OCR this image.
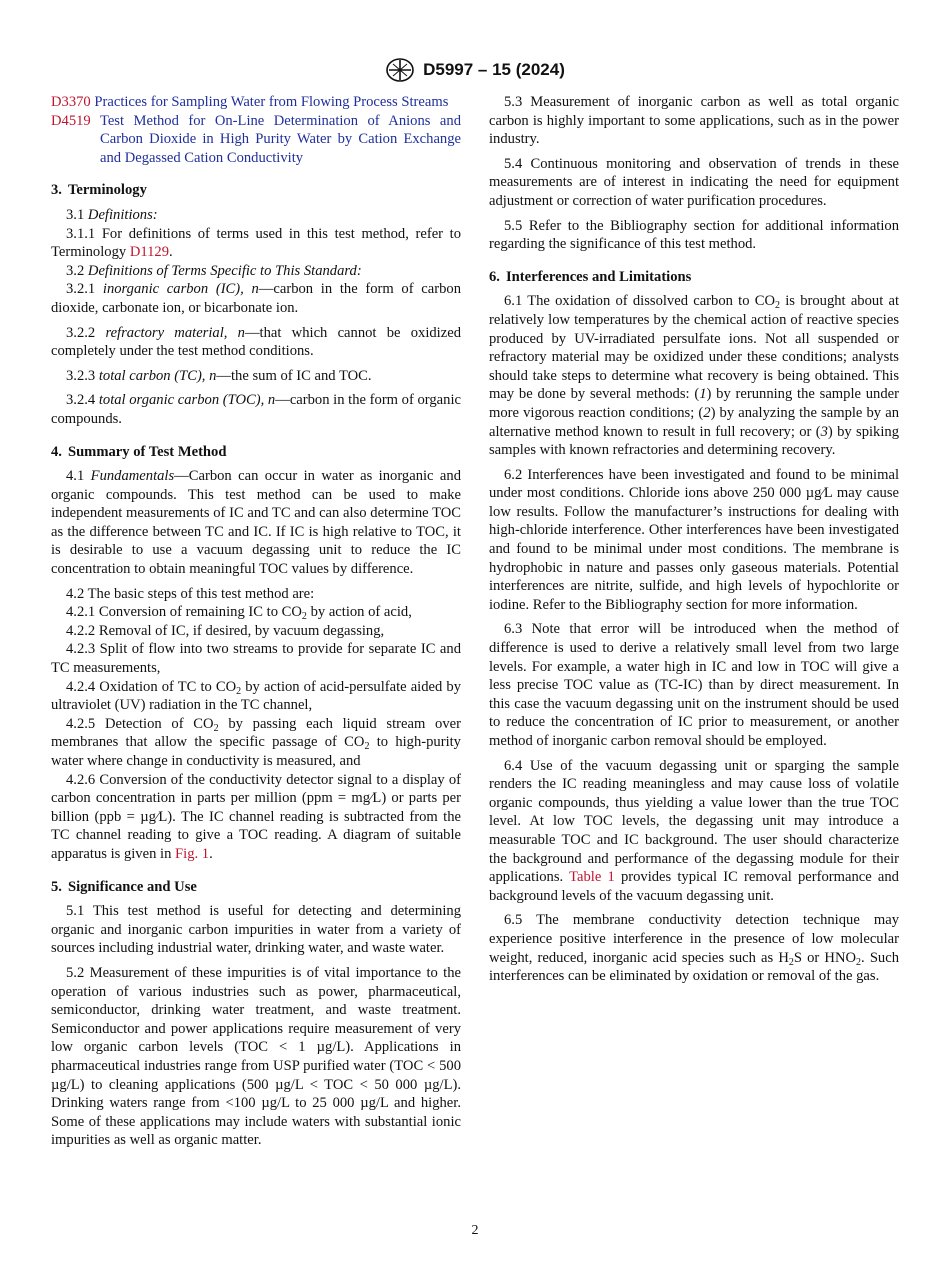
D5997 – 15 (2024)

D3370 Practices for Sampling Water from Flowing Process Streams

D4519 Test Method for On-Line Determination of Anions and Carbon Dioxide in High Purity Water by Cation Exchange and Degassed Cation Conductivity

3. Terminology

3.1 Definitions:

3.1.1 For definitions of terms used in this test method, refer to Terminology D1129.

3.2 Definitions of Terms Specific to This Standard:

3.2.1 inorganic carbon (IC), n—carbon in the form of carbon dioxide, carbonate ion, or bicarbonate ion.

3.2.2 refractory material, n—that which cannot be oxidized completely under the test method conditions.

3.2.3 total carbon (TC), n—the sum of IC and TOC.

3.2.4 total organic carbon (TOC), n—carbon in the form of organic compounds.

4. Summary of Test Method

4.1 Fundamentals—Carbon can occur in water as inorganic and organic compounds. This test method can be used to make independent measurements of IC and TC and can also determine TOC as the difference between TC and IC. If IC is high relative to TOC, it is desirable to use a vacuum degassing unit to reduce the IC concentration to obtain meaningful TOC values by difference.

4.2 The basic steps of this test method are:

4.2.1 Conversion of remaining IC to $CO_2$ by action of acid,

4.2.2 Removal of IC, if desired, by vacuum degassing,

4.2.3 Split of flow into two streams to provide for separate IC and TC measurements,

4.2.4 Oxidation of TC to $CO_2$ by action of acid-persulfate aided by ultraviolet (UV) radiation in the TC channel,

4.2.5 Detection of $CO_2$ by passing each liquid stream over membranes that allow the specific passage of $CO_2$ to high-purity water where change in conductivity is measured, and

4.2.6 Conversion of the conductivity detector signal to a display of carbon concentration in parts per million (ppm = mg⁄L) or parts per billion (ppb = µg⁄L). The IC channel reading is subtracted from the TC channel reading to give a TOC reading. A diagram of suitable apparatus is given in Fig. 1.

5. Significance and Use

5.1 This test method is useful for detecting and determining organic and inorganic carbon impurities in water from a variety of sources including industrial water, drinking water, and waste water.

5.2 Measurement of these impurities is of vital importance to the operation of various industries such as power, pharmaceutical, semiconductor, drinking water treatment, and waste treatment. Semiconductor and power applications require measurement of very low organic carbon levels (TOC < 1 µg/L). Applications in pharmaceutical industries range from USP purified water (TOC < 500 µg/L) to cleaning applications (500 µg/L < TOC < 50 000 µg/L). Drinking waters range from <100 µg/L to 25 000 µg/L and higher. Some of these applications may include waters with substantial ionic impurities as well as organic matter.

5.3 Measurement of inorganic carbon as well as total organic carbon is highly important to some applications, such as in the power industry.

5.4 Continuous monitoring and observation of trends in these measurements are of interest in indicating the need for equipment adjustment or correction of water purification procedures.

5.5 Refer to the Bibliography section for additional information regarding the significance of this test method.

6. Interferences and Limitations

6.1 The oxidation of dissolved carbon to $CO_2$ is brought about at relatively low temperatures by the chemical action of reactive species produced by UV-irradiated persulfate ions. Not all suspended or refractory material may be oxidized under these conditions; analysts should take steps to determine what recovery is being obtained. This may be done by several methods: (1) by rerunning the sample under more vigorous reaction conditions; (2) by analyzing the sample by an alternative method known to result in full recovery; or (3) by spiking samples with known refractories and determining recovery.

6.2 Interferences have been investigated and found to be minimal under most conditions. Chloride ions above 250 000 µg⁄L may cause low results. Follow the manufacturer’s instructions for dealing with high-chloride interference. Other interferences have been investigated and found to be minimal under most conditions. The membrane is hydrophobic in nature and passes only gaseous materials. Potential interferences are nitrite, sulfide, and high levels of hypochlorite or iodine. Refer to the Bibliography section for more information.

6.3 Note that error will be introduced when the method of difference is used to derive a relatively small level from two large levels. For example, a water high in IC and low in TOC will give a less precise TOC value as (TC-IC) than by direct measurement. In this case the vacuum degassing unit on the instrument should be used to reduce the concentration of IC prior to measurement, or another method of inorganic carbon removal should be employed.

6.4 Use of the vacuum degassing unit or sparging the sample renders the IC reading meaningless and may cause loss of volatile organic compounds, thus yielding a value lower than the true TOC level. At low TOC levels, the degassing unit may introduce a measurable TOC and IC background. The user should characterize the background and performance of the degassing module for their applications. Table 1 provides typical IC removal performance and background levels of the vacuum degassing unit.

6.5 The membrane conductivity detection technique may experience positive interference in the presence of low molecular weight, reduced, inorganic acid species such as $H_2S$ or $HNO_2$. Such interferences can be eliminated by oxidation or removal of the gas.

2
